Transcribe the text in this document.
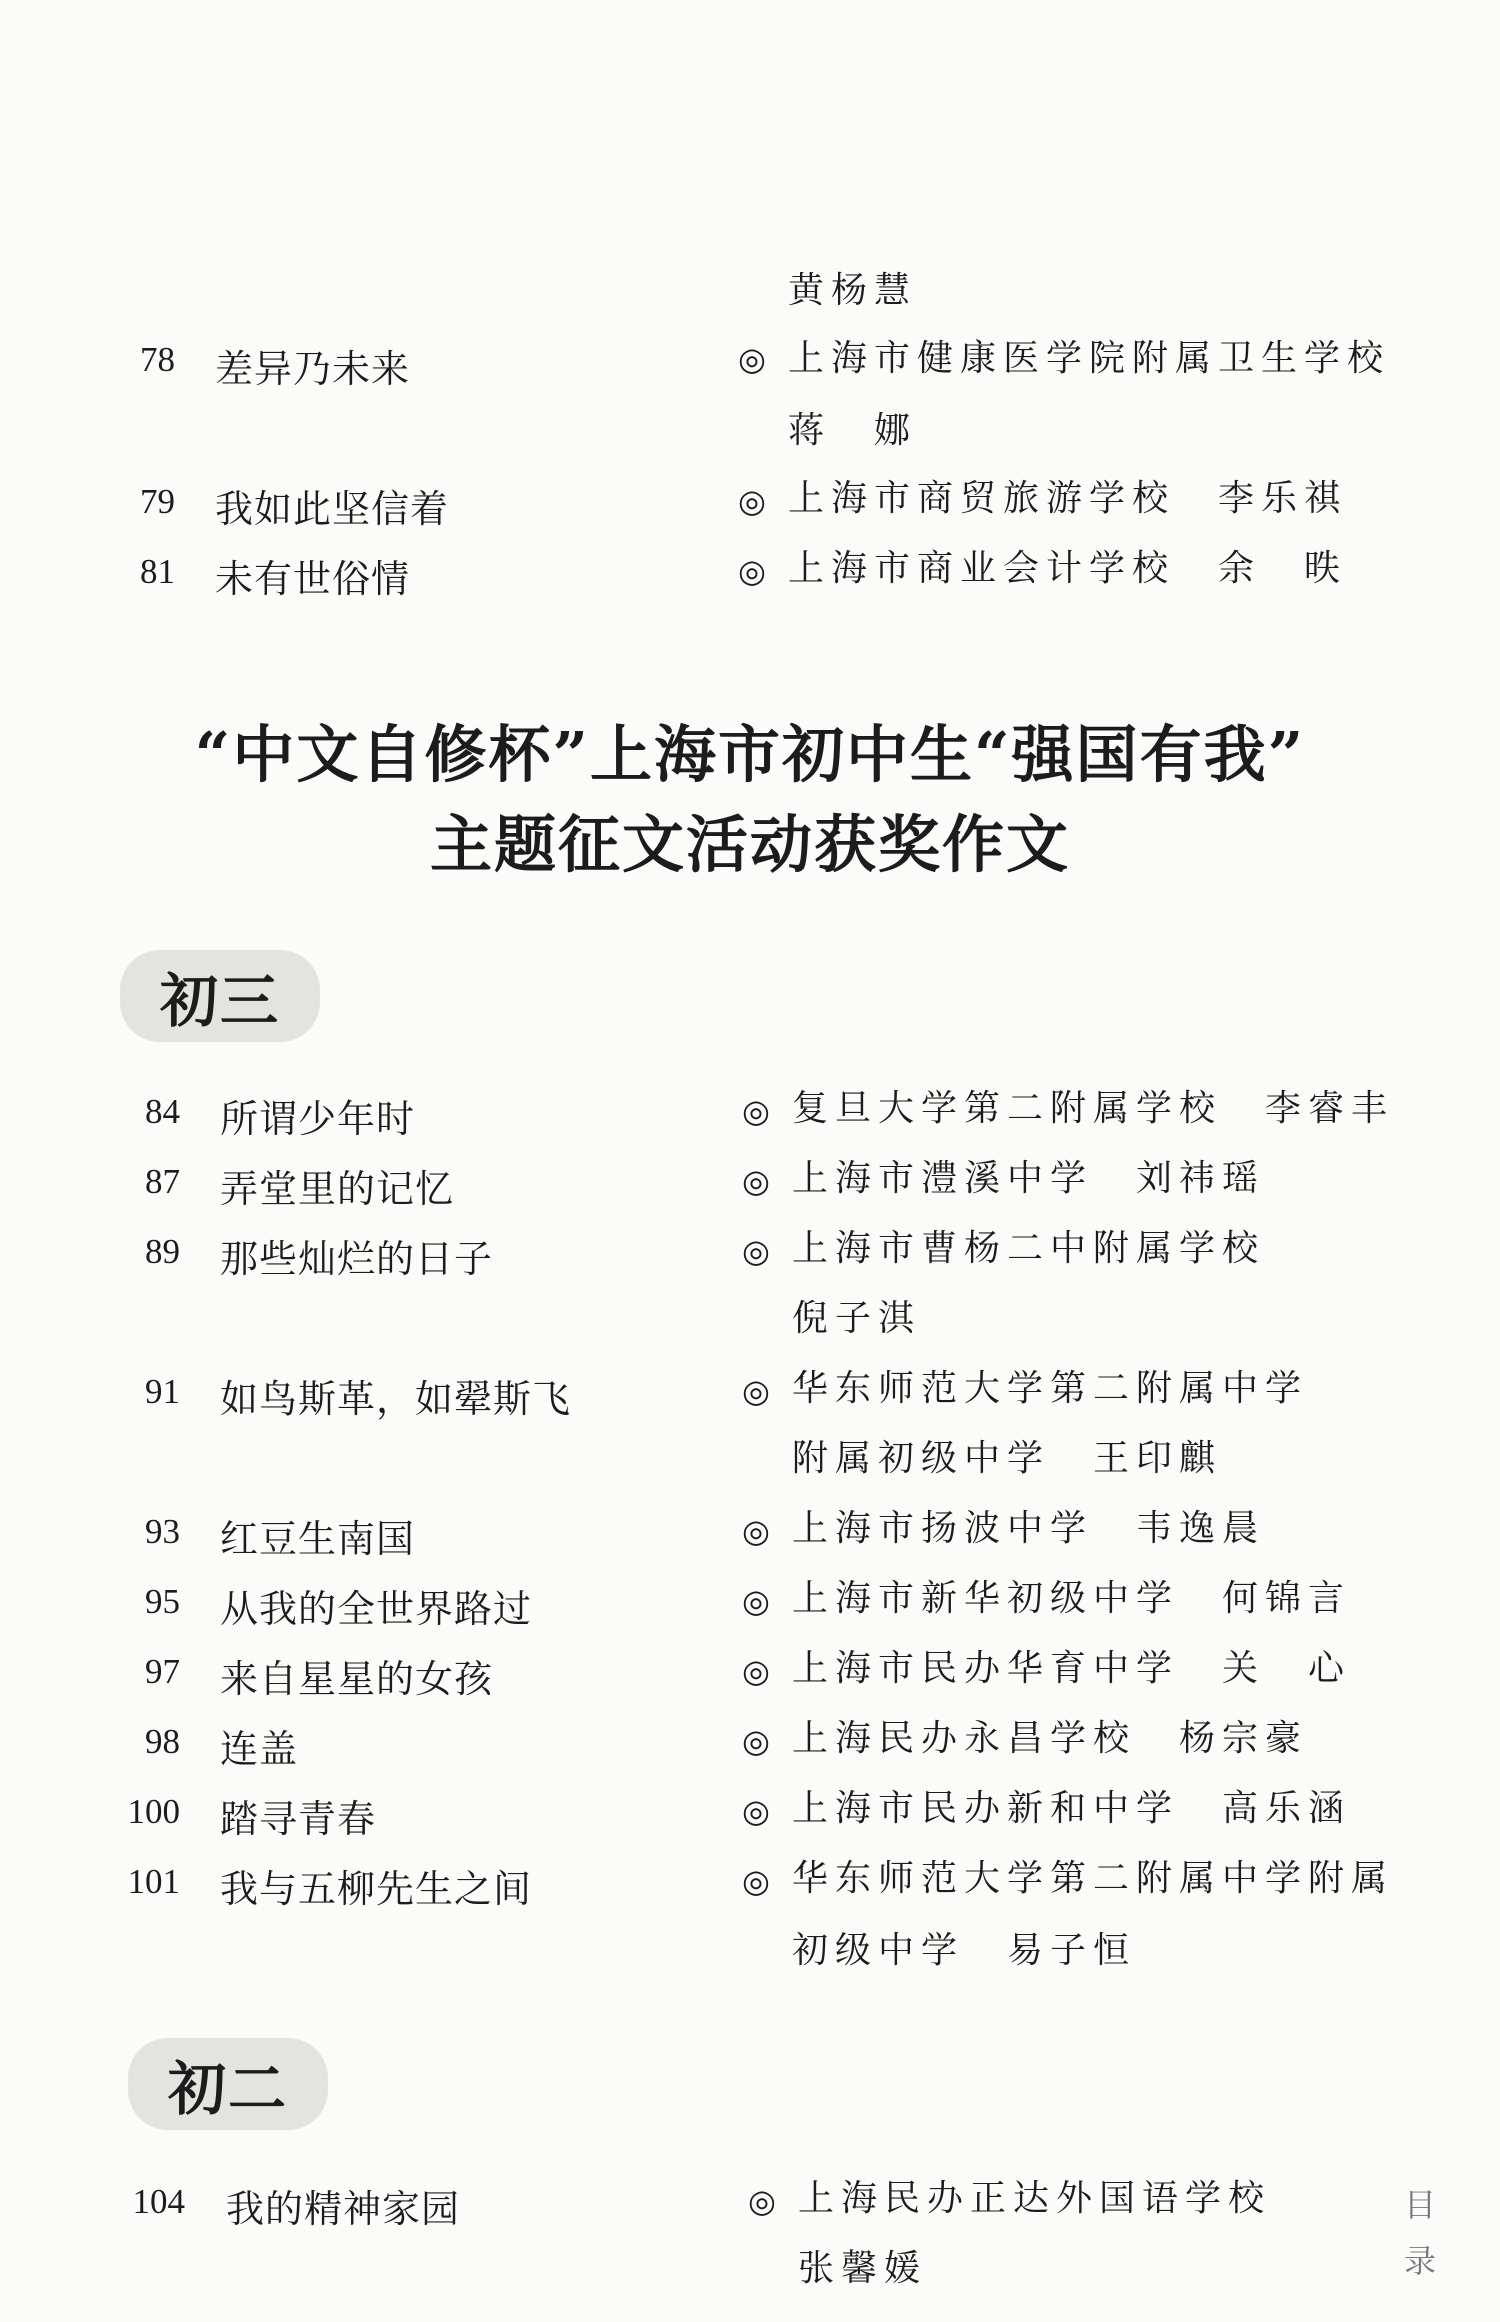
黄杨慧
78 差异乃未来	◎ 上海市健康医学院附属卫生学校
蒋　娜
79 我如此坚信着	◎ 上海市商贸旅游学校　李乐祺
81 未有世俗情	◎ 上海市商业会计学校　余　昳
“中文自修杯”上海市初中生“强国有我”
主题征文活动获奖作文
初三
84 所谓少年时	◎ 复旦大学第二附属学校　李睿丰
87 弄堂里的记忆	◎ 上海市澧溪中学　刘祎瑶
89 那些灿烂的日子	◎ 上海市曹杨二中附属学校
倪子淇
91 如鸟斯革，如翚斯飞	◎ 华东师范大学第二附属中学
附属初级中学　王印麒
93 红豆生南国	◎ 上海市扬波中学　韦逸晨
95 从我的全世界路过	◎ 上海市新华初级中学　何锦言
97 来自星星的女孩	◎ 上海市民办华育中学　关　心
98 连盖	◎ 上海民办永昌学校　杨宗豪
100 踏寻青春	◎ 上海市民办新和中学　高乐涵
101 我与五柳先生之间	◎ 华东师范大学第二附属中学附属
初级中学　易子恒
初二
104 我的精神家园	◎ 上海民办正达外国语学校
张馨媛
目
录
